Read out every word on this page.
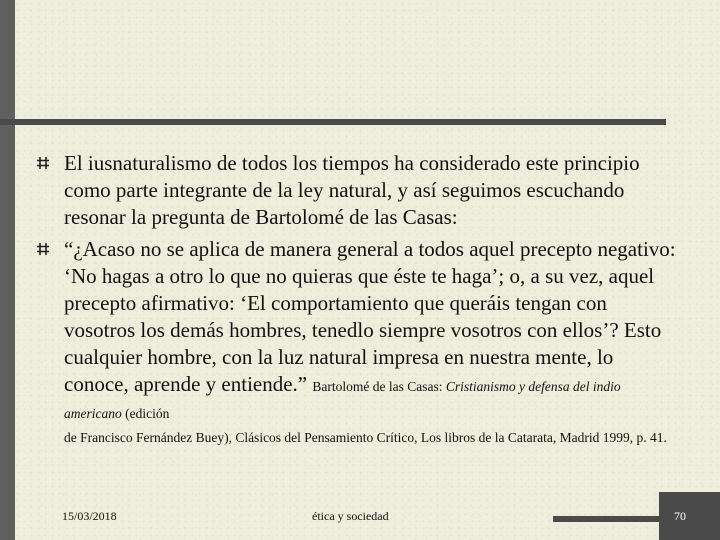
El iusnaturalismo de todos los tiempos ha considerado este principio como parte integrante de la ley natural, y así seguimos escuchando resonar la pregunta de Bartolomé de las Casas:
“¿Acaso no se aplica de manera general a todos aquel precepto negativo: ‘No hagas a otro lo que no quieras que éste te haga’; o, a su vez, aquel precepto afirmativo: ‘El comportamiento que queráis tengan con vosotros los demás hombres, tenedlo siempre vosotros con ellos’? Esto cualquier hombre, con la luz natural impresa en nuestra mente, lo conoce, aprende y entiende.” Bartolomé de las Casas: Cristianismo y defensa del indio americano (edición
de Francisco Fernández Buey), Clásicos del Pensamiento Crítico, Los libros de la Catarata, Madrid 1999, p. 41.
15/03/2018	ética y sociedad	70
